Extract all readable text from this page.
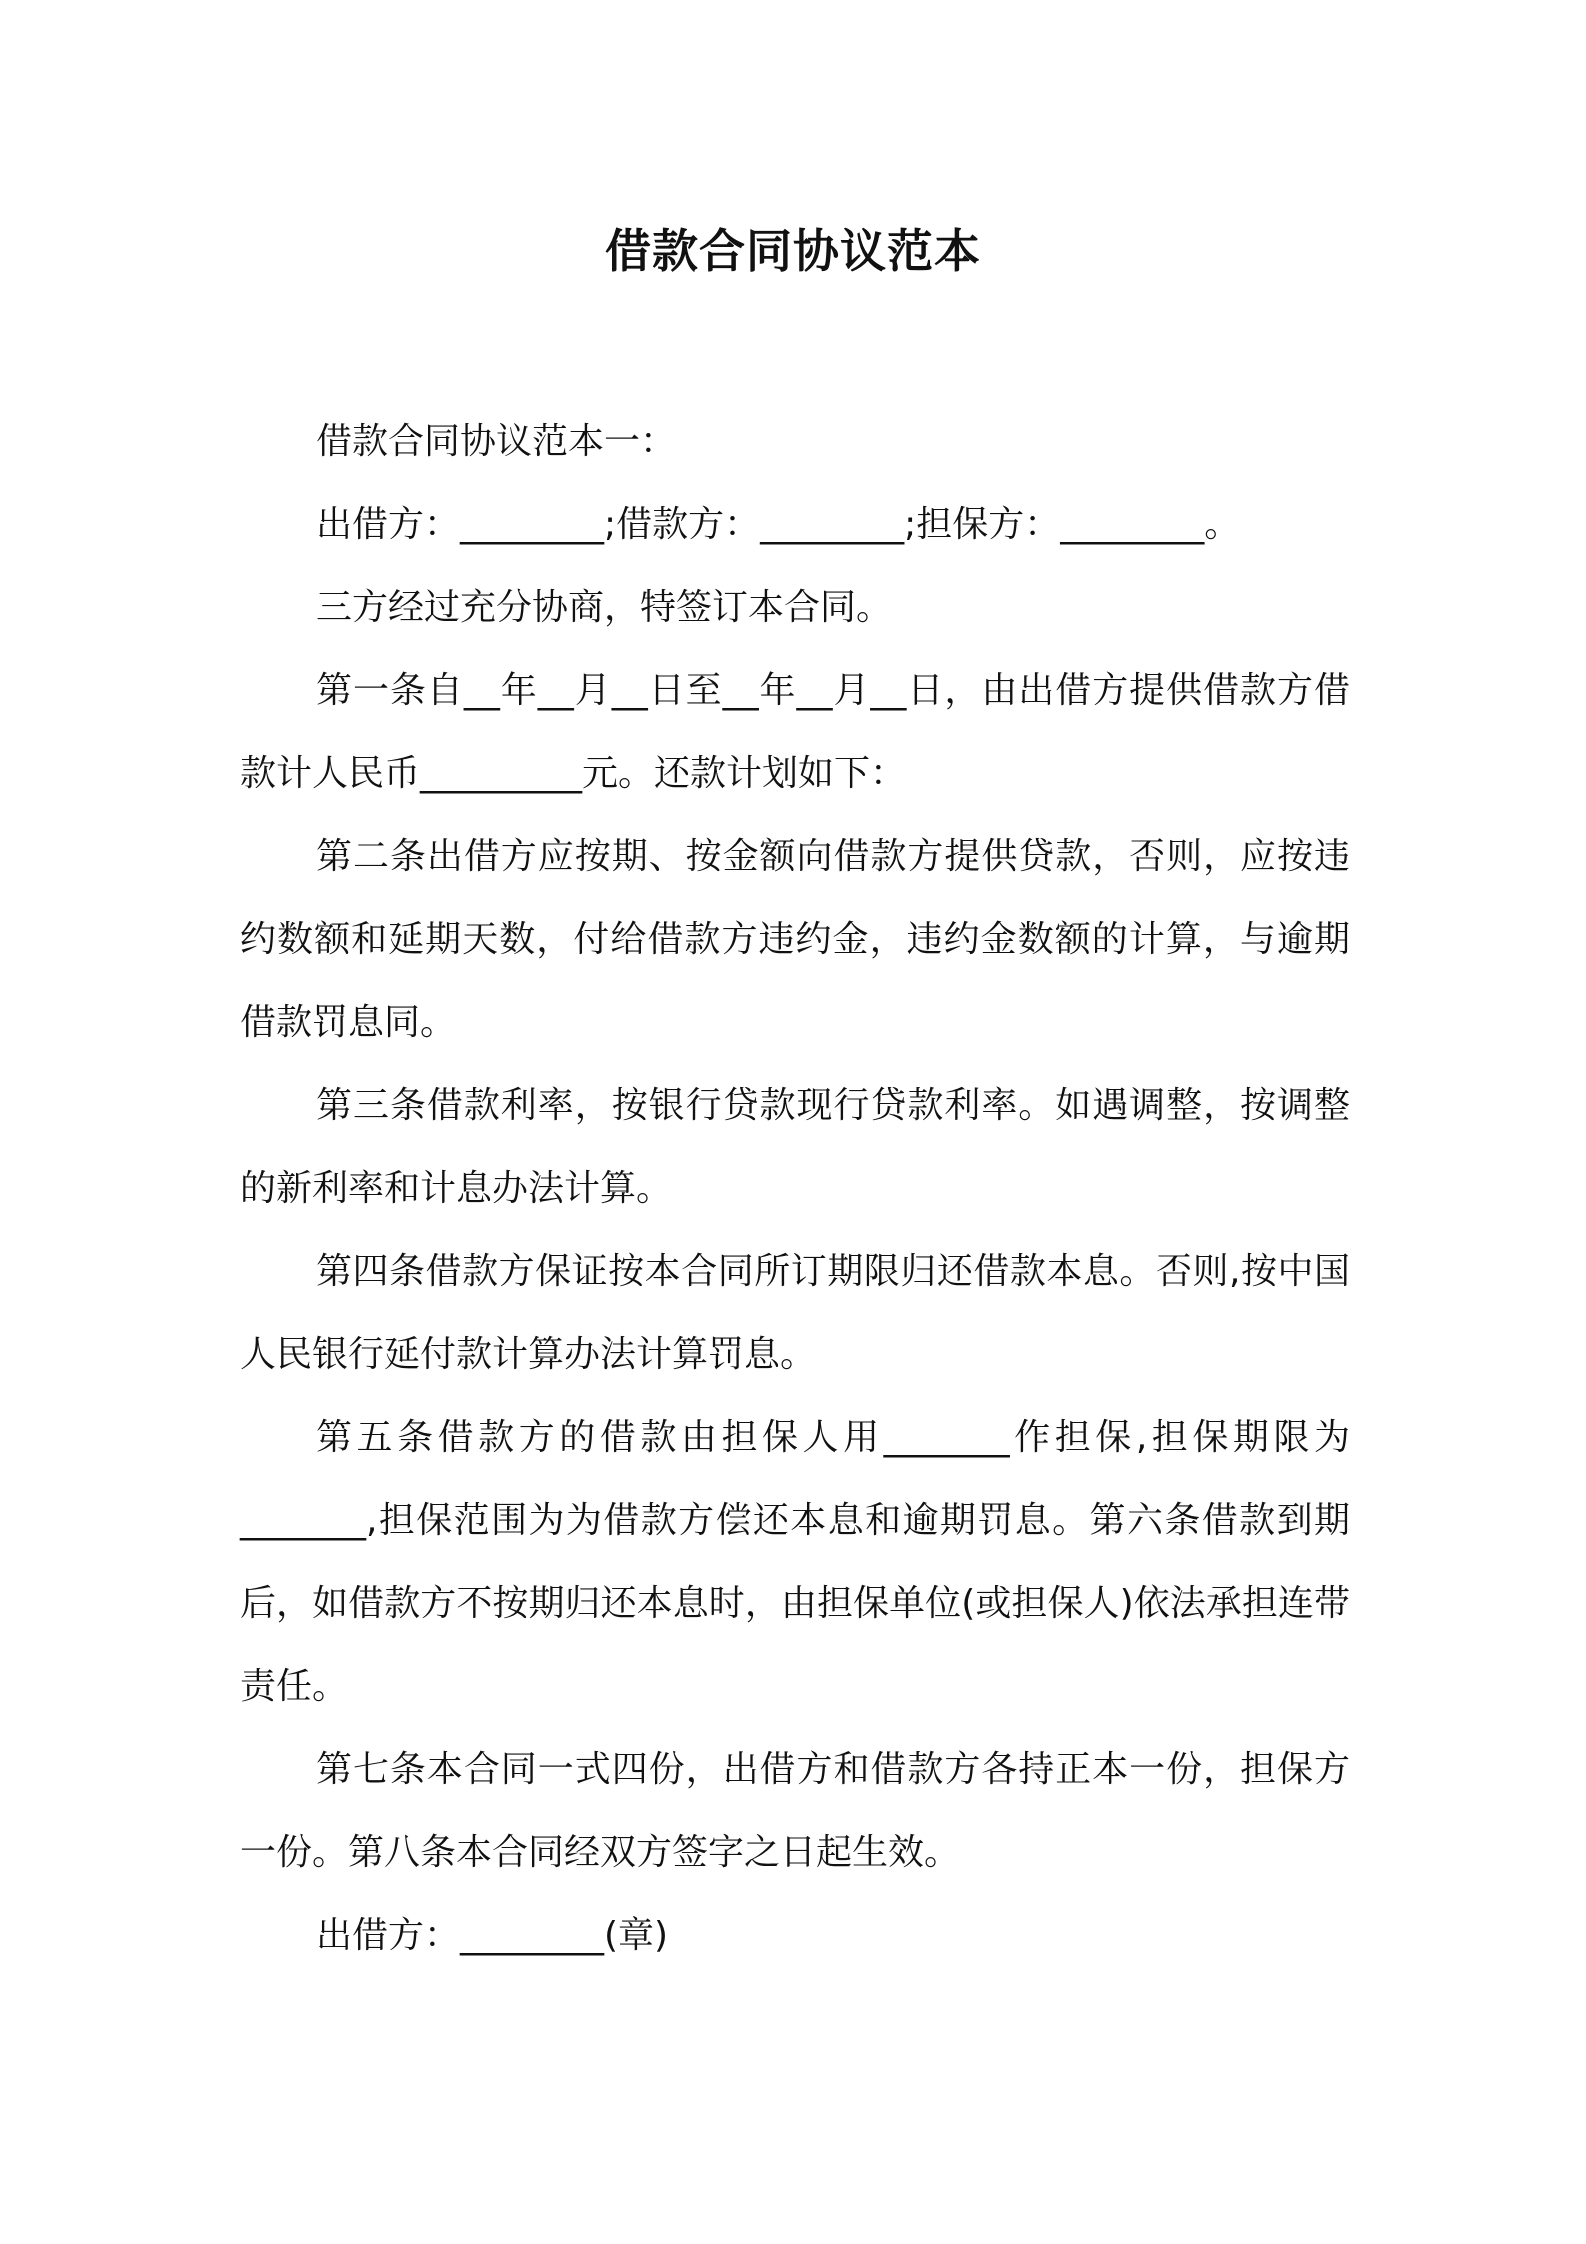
借款合同协议范本

借款合同协议范本一：

出借方：________;借款方：________;担保方：________。

三方经过充分协商，特签订本合同。

第一条自__年__月__日至__年__月__日，由出借方提供借款方借款计人民币_________元。还款计划如下：

第二条出借方应按期、按金额向借款方提供贷款，否则，应按违约数额和延期天数，付给借款方违约金，违约金数额的计算，与逾期借款罚息同。

第三条借款利率，按银行贷款现行贷款利率。如遇调整，按调整的新利率和计息办法计算。

第四条借款方保证按本合同所订期限归还借款本息。否则,按中国人民银行延付款计算办法计算罚息。

第五条借款方的借款由担保人用_______作担保,担保期限为_______,担保范围为为借款方偿还本息和逾期罚息。第六条借款到期后，如借款方不按期归还本息时，由担保单位(或担保人)依法承担连带责任。

第七条本合同一式四份，出借方和借款方各持正本一份，担保方一份。第八条本合同经双方签字之日起生效。

出借方：________(章)
